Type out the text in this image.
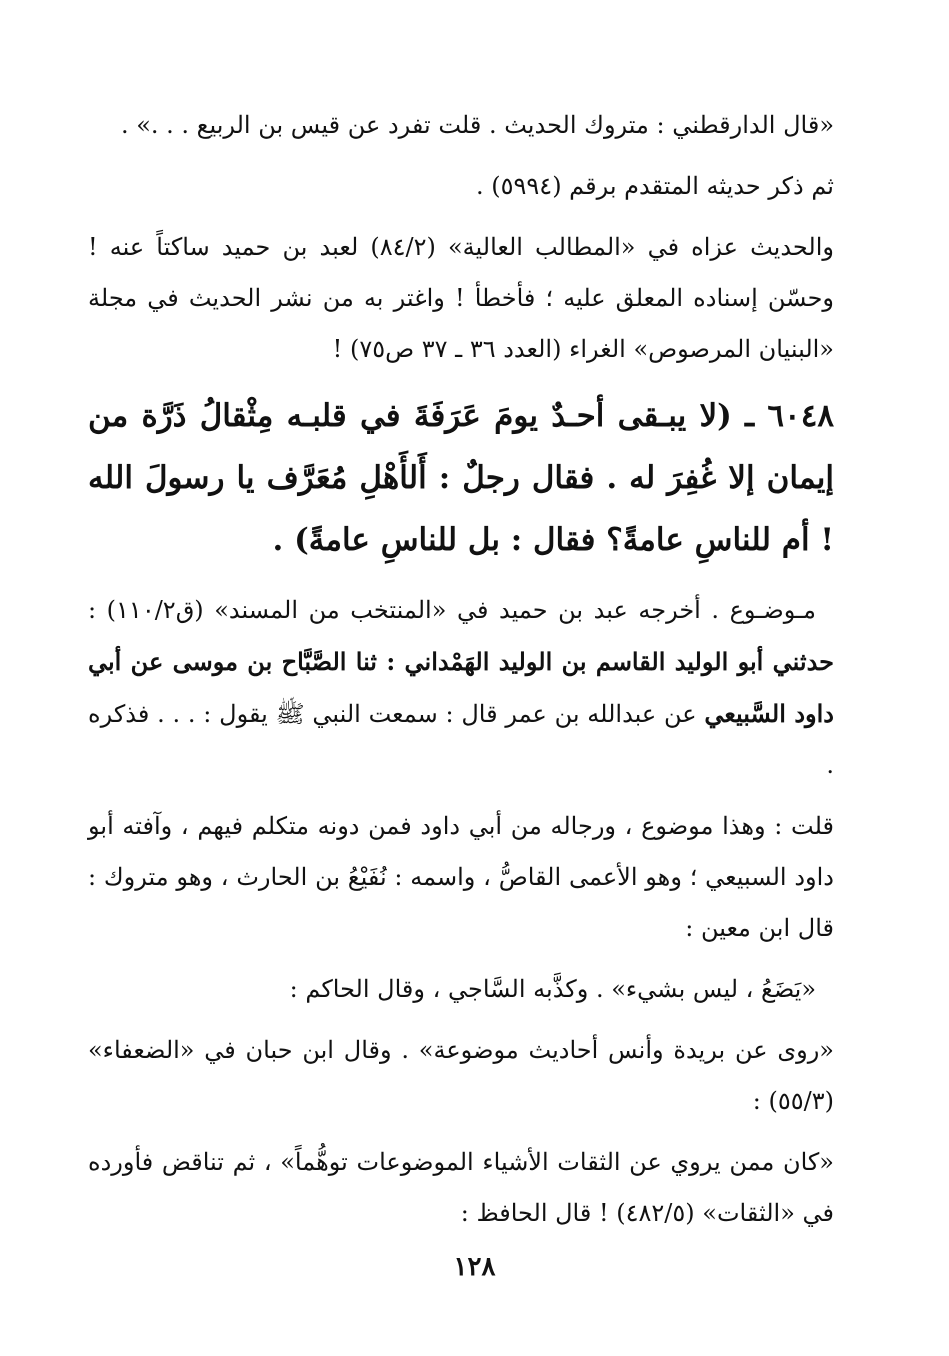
«قال الدارقطني : متروك الحديث . قلت تفرد عن قيس بن الربيع . . .» .

ثم ذكر حديثه المتقدم برقم (٥٩٩٤) .

والحديث عزاه في «المطالب العالية» (٨٤/٢) لعبد بن حميد ساكتاً عنه ! وحسّن إسناده المعلق عليه ؛ فأخطأ ! واغتر به من نشر الحديث في مجلة «البنيان المرصوص» الغراء (العدد ٣٦ ـ ٣٧ ص٧٥) !

٦٠٤٨ ـ (لا يبـقى أحـدٌ يومَ عَرَفَةَ في قلبـه مِثْقالُ ذَرَّة من إيمان إلا غُفِرَ له . فقال رجلٌ : أَلأَهْلِ مُعَرَّف يا رسولَ الله ! أم للناسِ عامةً؟ فقال : بل للناسِ عامةً) .

مـوضـوع . أخرجه عبد بن حميد في «المنتخب من المسند» (ق١١٠/٢) : حدثني أبو الوليد القاسم بن الوليد الهَمْداني : ثنا الصَّبَّاح بن موسى عن أبي داود السَّبيعي عن عبدالله بن عمر قال : سمعت النبي ﷺ يقول : . . . فذكره .

قلت : وهذا موضوع ، ورجاله من أبي داود فمن دونه متكلم فيهم ، وآفته أبو داود السبيعي ؛ وهو الأعمى القاصُّ ، واسمه : نُفَيْعُ بن الحارث ، وهو متروك : قال ابن معين :

«يَضَعُ ، ليس بشيء» . وكذَّبه السَّاجي ، وقال الحاكم :

«روى عن بريدة وأنس أحاديث موضوعة» . وقال ابن حبان في «الضعفاء» (٥٥/٣) :

«كان ممن يروي عن الثقات الأشياء الموضوعات توهُّماً» ، ثم تناقض فأورده في «الثقات» (٤٨٢/٥) ! قال الحافظ :

١٢٨
